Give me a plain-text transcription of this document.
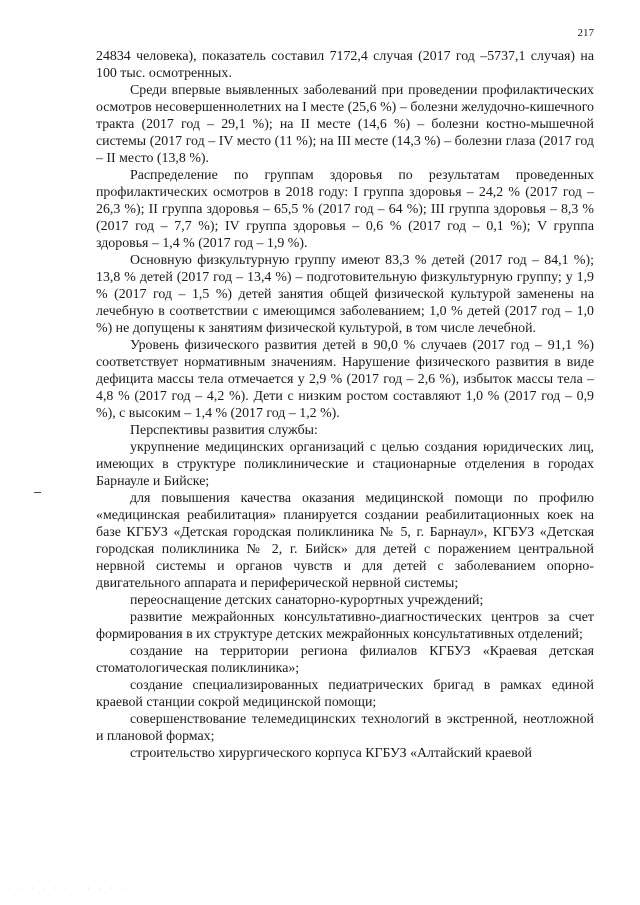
217

24834 человека), показатель составил 7172,4 случая (2017 год –5737,1 случая) на 100 тыс. осмотренных.

Среди впервые выявленных заболеваний при проведении профилактических осмотров несовершеннолетних на I месте (25,6 %) – болезни желудочно-кишечного тракта (2017 год – 29,1 %); на II месте (14,6 %) – болезни костно-мышечной системы (2017 год – IV место (11 %); на III месте (14,3 %) – болезни глаза (2017 год – II место (13,8 %).

Распределение по группам здоровья по результатам проведенных профилактических осмотров в 2018 году: I группа здоровья – 24,2 % (2017 год – 26,3 %); II группа здоровья – 65,5 % (2017 год – 64 %); III группа здоровья – 8,3 % (2017 год – 7,7 %); IV группа здоровья – 0,6 % (2017 год – 0,1 %); V группа здоровья – 1,4 % (2017 год – 1,9 %).

Основную физкультурную группу имеют 83,3 % детей (2017 год – 84,1 %); 13,8 % детей (2017 год – 13,4 %) – подготовительную физкультурную группу; у 1,9 % (2017 год – 1,5 %) детей занятия общей физической культурой заменены на лечебную в соответствии с имеющимся заболеванием; 1,0 % детей (2017 год – 1,0 %) не допущены к занятиям физической культурой, в том числе лечебной.

Уровень физического развития детей в 90,0 % случаев (2017 год – 91,1 %) соответствует нормативным значениям. Нарушение физического развития в виде дефицита массы тела отмечается у 2,9 % (2017 год – 2,6 %), избыток массы тела – 4,8 % (2017 год – 4,2 %). Дети с низким ростом составляют 1,0 % (2017 год – 0,9 %), с высоким – 1,4 % (2017 год – 1,2 %).

Перспективы развития службы:

укрупнение медицинских организаций с целью создания юридических лиц, имеющих в структуре поликлинические и стационарные отделения в городах Барнауле и Бийске;

для повышения качества оказания медицинской помощи по профилю «медицинская реабилитация» планируется создании реабилитационных коек на базе КГБУЗ «Детская городская поликлиника № 5, г. Барнаул», КГБУЗ «Детская городская поликлиника № 2, г. Бийск» для детей с поражением центральной нервной системы и органов чувств и для детей с заболеванием опорно-двигательного аппарата и периферической нервной системы;

переоснащение детских санаторно-курортных учреждений;

развитие межрайонных консультативно-диагностических центров за счет формирования в их структуре детских межрайонных консультативных отделений;

создание на территории региона филиалов КГБУЗ «Краевая детская стоматологическая поликлиника»;

создание специализированных педиатрических бригад в рамках единой краевой станции сокрой медицинской помощи;

совершенствование телемедицинских технологий в экстренной, неотложной и плановой формах;

строительство хирургического корпуса КГБУЗ «Алтайский краевой

· · · · · · · · · · · ·
